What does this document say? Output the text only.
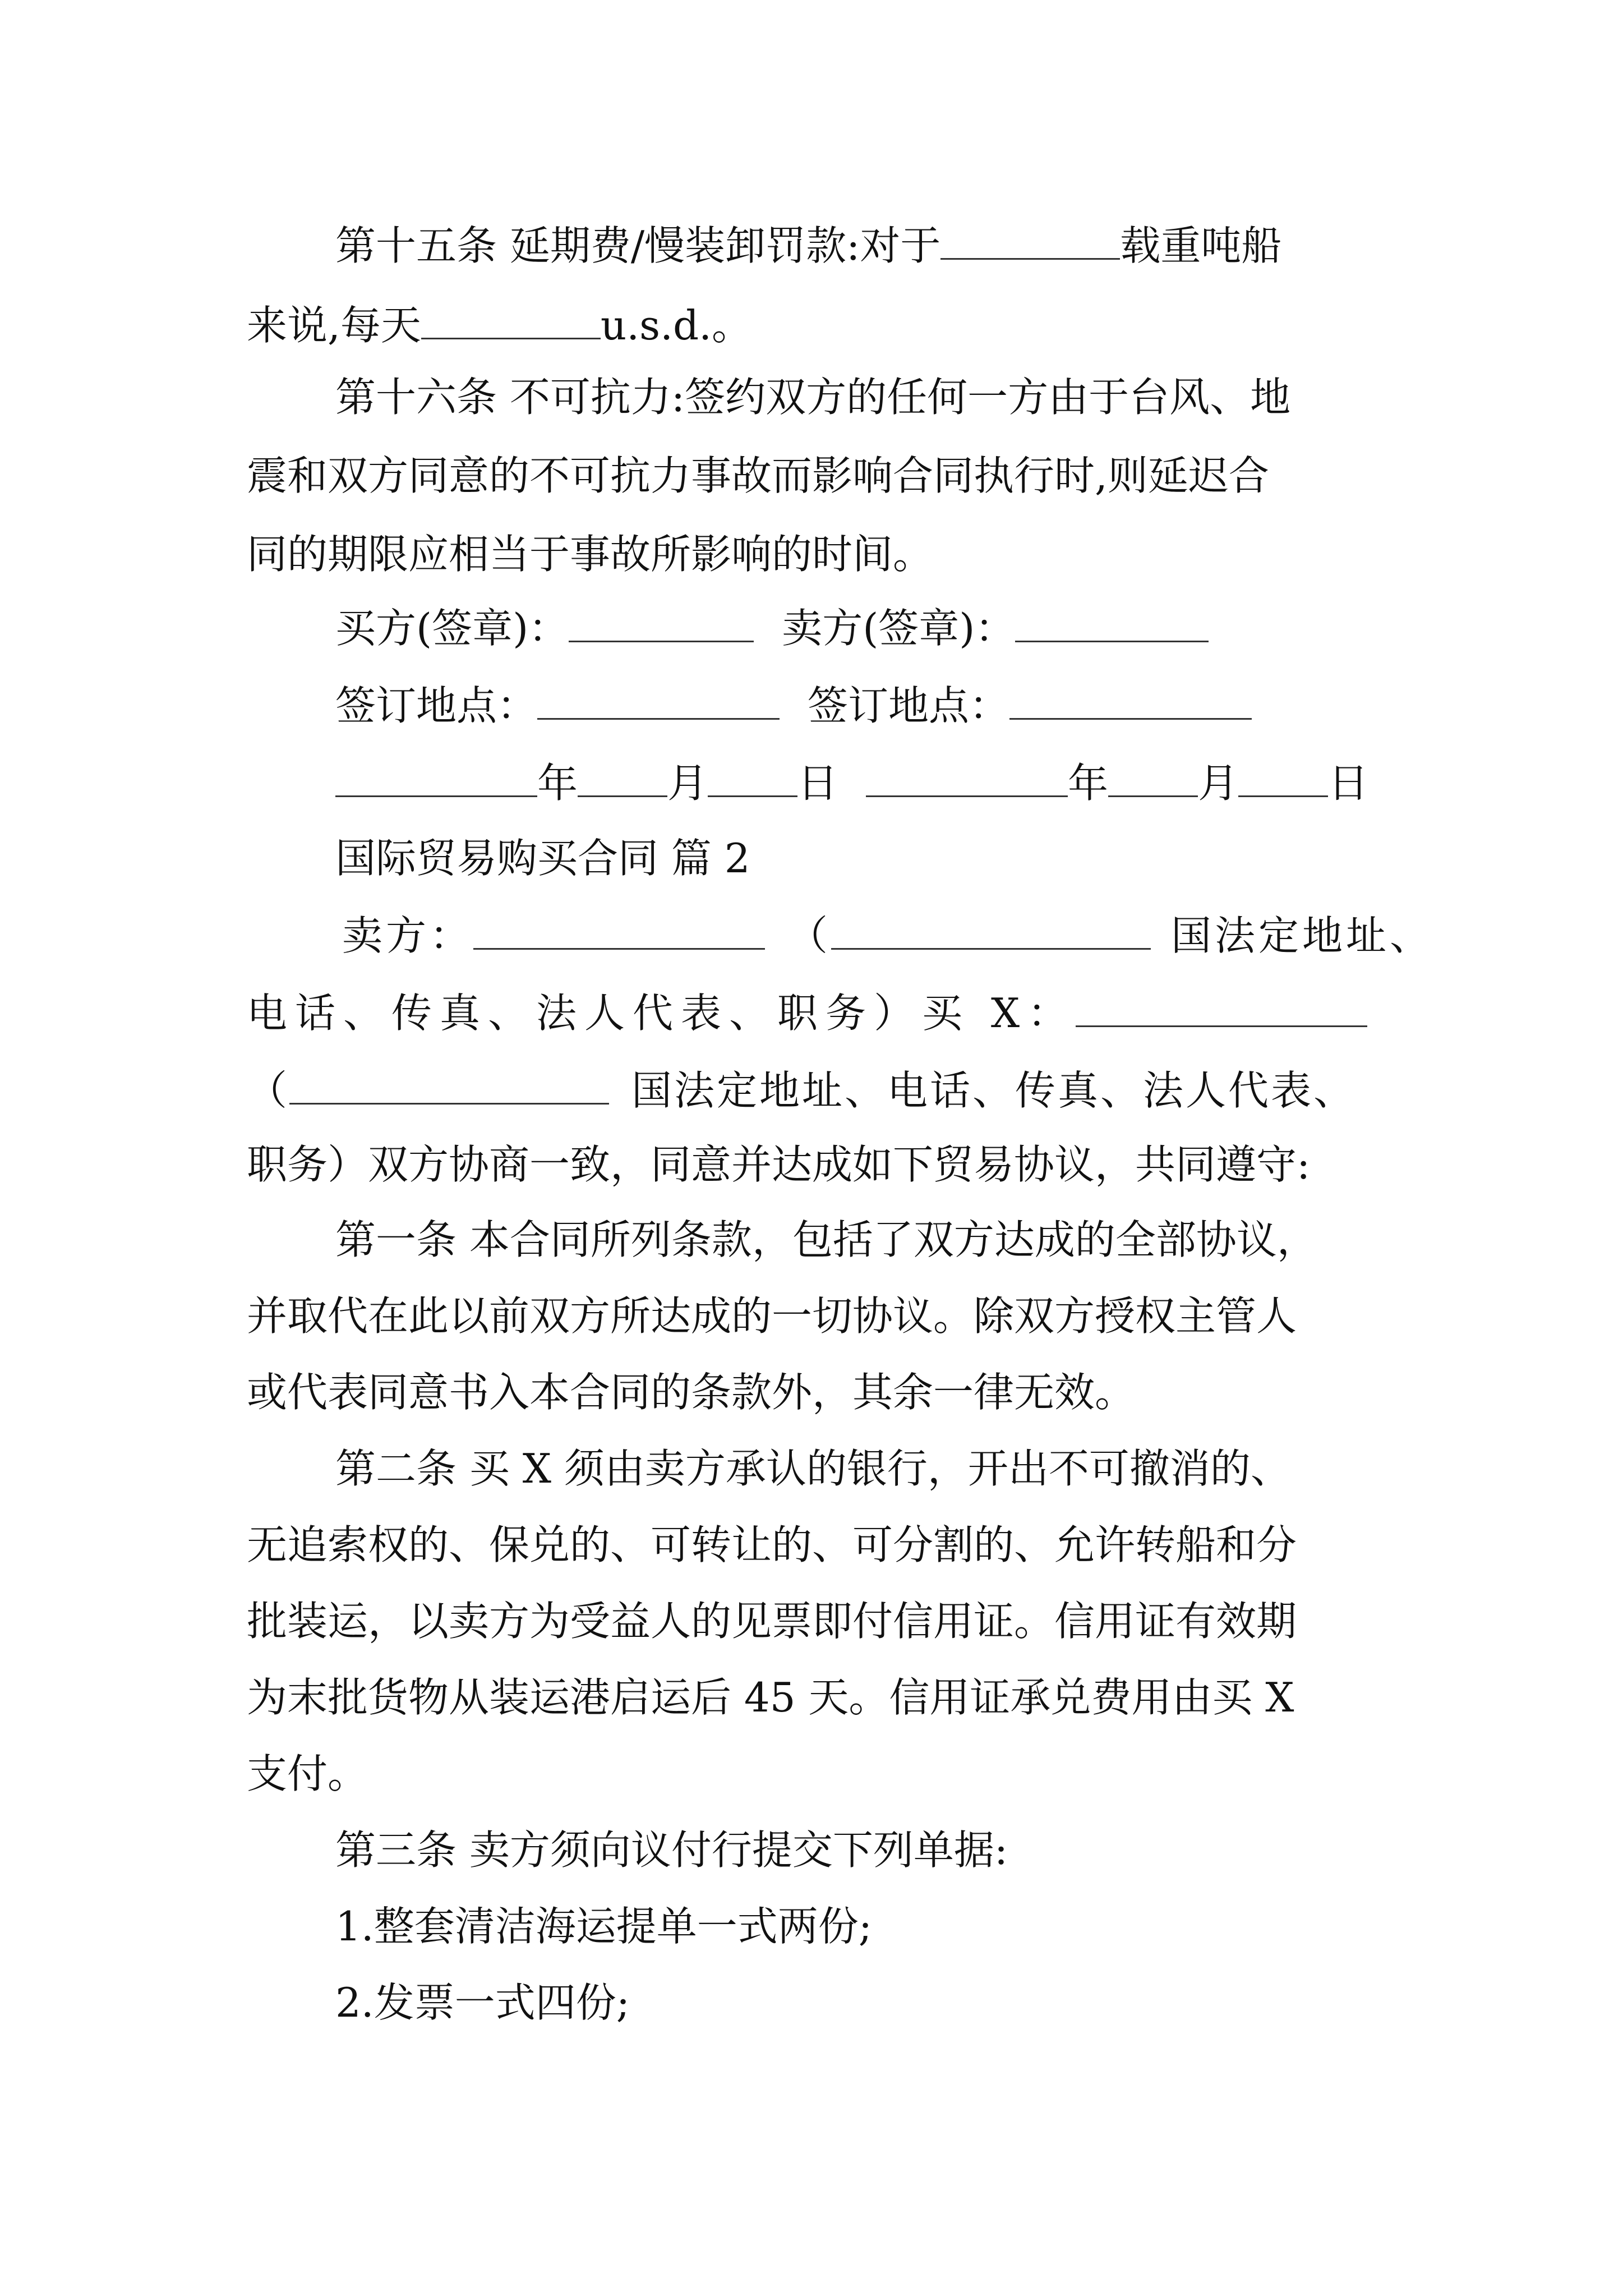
第十五条 延期费/慢装卸罚款:对于	载重吨船
来说,每天	u.s.d.。
第十六条 不可抗力:签约双方的任何一方由于台风、地
震和双方同意的不可抗力事故而影响合同执行时,则延迟合
同的期限应相当于事故所影响的时间。
买方(签章)：	卖方(签章)：
签订地点：	签订地点：
年 月 日	年 月 日
国际贸易购买合同 篇 2
卖方：	（	国法定地址、
电话、传真、法人代表、职务）买 X：
（	国法定地址、电话、传真、法人代表、
职务）双方协商一致，同意并达成如下贸易协议，共同遵守:
第一条 本合同所列条款，包括了双方达成的全部协议，
并取代在此以前双方所达成的一切协议。除双方授权主管人
或代表同意书入本合同的条款外，其余一律无效。
第二条 买 X 须由卖方承认的银行，开出不可撤消的、
无追索权的、保兑的、可转让的、可分割的、允许转船和分
批装运，以卖方为受益人的见票即付信用证。信用证有效期
为末批货物从装运港启运后 45 天。信用证承兑费用由买 X
支付。
第三条 卖方须向议付行提交下列单据:
1.整套清洁海运提单一式两份;
2.发票一式四份;
